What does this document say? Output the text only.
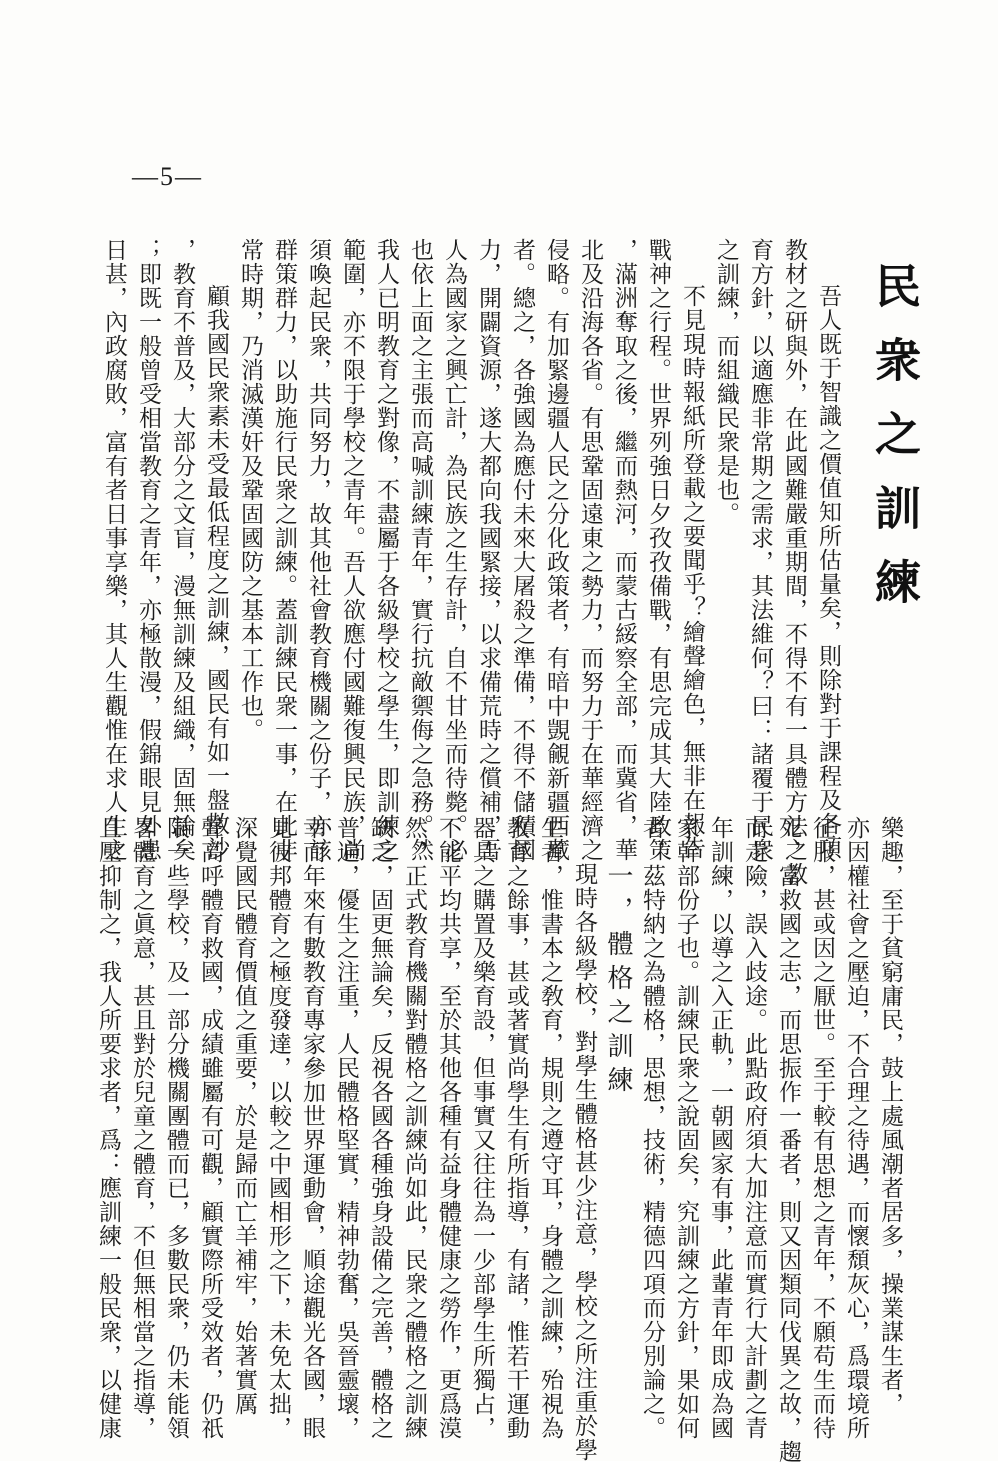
—5—
民衆之訓練
吾人既于智識之價值知所估量矣，則除對于課程及各項
教材之研與外，在此國難嚴重期間，不得不有一具體方法之教
育方針，以適應非常期之需求，其法維何？曰：諸覆于民衆
之訓練，而組織民衆是也。
不見現時報紙所登載之要聞乎？繪聲繪色，無非在報告
戰神之行程。世界列強日夕孜孜備戰，有思完成其大陸政策
，滿洲奪取之後，繼而熱河，而蒙古綏察全部，而冀省，華
北及沿海各省。有思鞏固遠東之勢力，而努力于在華經濟之
侵略。有加緊邊疆人民之分化政策者，有暗中覬覦新疆西藏
者。總之，各強國為應付未來大屠殺之準備，不得不儲積國
力，開闢資源，遂大都向我國緊接，以求備荒時之償補，吾
人為國家之興亡計，為民族之生存計，自不甘坐而待斃。必
也依上面之主張而高喊訓練青年，實行抗敵禦侮之急務。然
我人已明教育之對像，不盡屬于各級學校之學生，即訓練之
範圍，亦不限于學校之青年。吾人欲應付國難復興民族，尚
須喚起民衆，共同努力，故其他社會教育機關之份子，亦該
群策群力，以助施行民衆之訓練。蓋訓練民衆一事，在此非
常時期，乃消滅漢奸及鞏固國防之基本工作也。
顧我國民衆素未受最低程度之訓練，國民有如一盤散沙
，教育不普及，大部分之文盲，漫無訓練及組織，固無論矣
；即既一般曾受相當教育之青年，亦極散漫，假錦眼見外患
日甚，內政腐敗，富有者日事享樂，其人生觀惟在求人生之
樂趣，至于貧窮庸民，鼓上處風潮者居多，操業謀生者，
亦因權社會之壓迫，不合理之待遇，而懷頹灰心，爲環境所
征服，甚或因之厭世。至于較有思想之青年，不願苟生而待
死，富救國之志，而思振作一番者，則又因類同伐異之故，趨
而走險，誤入歧途。此點政府須大加注意而實行大計劃之青
年訓練，以導之入正軌，一朝國家有事，此輩青年即成為國
家幹部份子也。訓練民衆之說固矣，究訓練之方針，果如何
者，茲特納之為體格，思想，技術，精德四項而分別論之。
一，體格之訓練
現時各級學校，對學生體格甚少注意，學校之所注重於學
生者，惟書本之敎育，規則之遵守耳，身體之訓練，殆視為
教育之餘事，甚或著實尚學生有所指導，有諸，惟若干運動
器具之購置及樂育設，但事實又往往為一少部學生所獨占，
不能平均共享，至於其他各種有益身體健康之勞作，更爲漠
然，正式教育機關對體格之訓練尚如此，民衆之體格之訓練
缺乏，固更無論矣，反視各國各種強身設備之完善，體格之
普遍，優生之注重，人民體格堅實，精神勃奮，吳晉靈壞，
幸而年來有數教育專家參加世界運動會，順途觀光各國，眼
見彼邦體育之極度發達，以較之中國相形之下，未免太拙，
深覺國民體育價值之重要，於是歸而亡羊補牢，始著實厲
聲高呼體育救國，成績雖屬有可觀，顧實際所受效者，仍祇
限一些學校，及一部分機關團體而已，多數民衆，仍未能領
畧體育之眞意，甚且對於兒童之體育，不但無相當之指導，
且壓抑制之，我人所要求者，爲：應訓練一般民衆，以健康
